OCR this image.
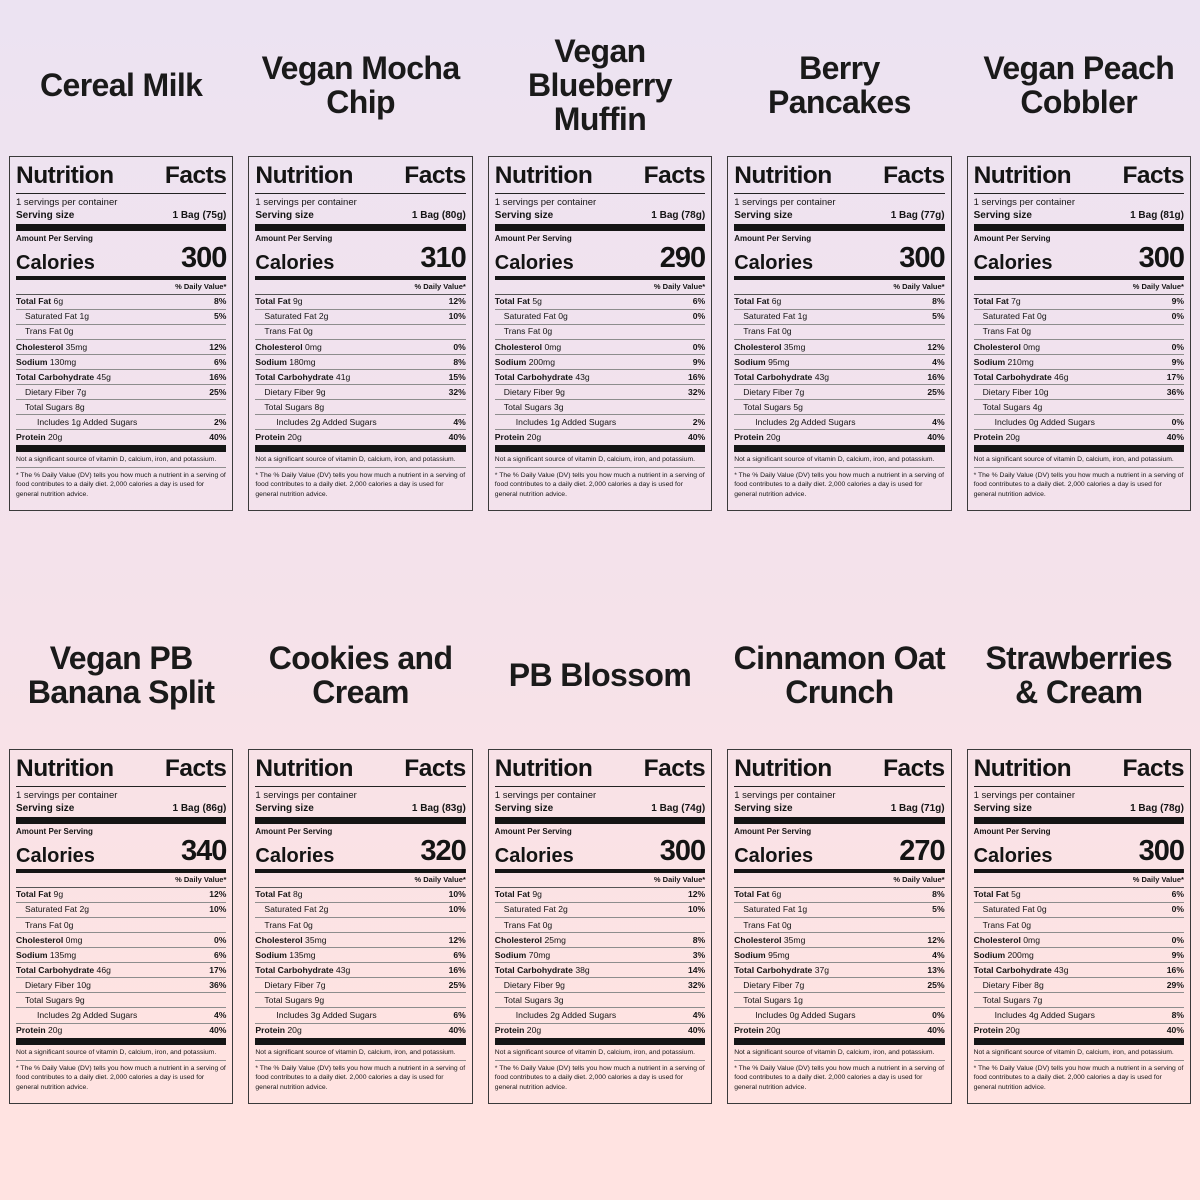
Cereal Milk
Nutrition Facts
1 servings per container
Serving size	1 Bag (75g)
Amount Per Serving
Calories	300
% Daily Value*
Total Fat 6g	8%
Saturated Fat 1g	5%
Trans Fat 0g
Cholesterol 35mg	12%
Sodium 130mg	6%
Total Carbohydrate 45g	16%
Dietary Fiber 7g	25%
Total Sugars 8g
Includes 1g Added Sugars	2%
Protein 20g	40%
Not a significant source of vitamin D, calcium, iron, and potassium.
* The % Daily Value (DV) tells you how much a nutrient in a serving of food contributes to a daily diet. 2,000 calories a day is used for general nutrition advice.
Vegan Mocha Chip
Nutrition Facts
1 servings per container
Serving size	1 Bag (80g)
Amount Per Serving
Calories	310
% Daily Value*
Total Fat 9g	12%
Saturated Fat 2g	10%
Trans Fat 0g
Cholesterol 0mg	0%
Sodium 180mg	8%
Total Carbohydrate 41g	15%
Dietary Fiber 9g	32%
Total Sugars 8g
Includes 2g Added Sugars	4%
Protein 20g	40%
Not a significant source of vitamin D, calcium, iron, and potassium.
* The % Daily Value (DV) tells you how much a nutrient in a serving of food contributes to a daily diet. 2,000 calories a day is used for general nutrition advice.
Vegan Blueberry Muffin
Nutrition Facts
1 servings per container
Serving size	1 Bag (78g)
Amount Per Serving
Calories	290
% Daily Value*
Total Fat 5g	6%
Saturated Fat 0g	0%
Trans Fat 0g
Cholesterol 0mg	0%
Sodium 200mg	9%
Total Carbohydrate 43g	16%
Dietary Fiber 9g	32%
Total Sugars 3g
Includes 1g Added Sugars	2%
Protein 20g	40%
Not a significant source of vitamin D, calcium, iron, and potassium.
* The % Daily Value (DV) tells you how much a nutrient in a serving of food contributes to a daily diet. 2,000 calories a day is used for general nutrition advice.
Berry Pancakes
Nutrition Facts
1 servings per container
Serving size	1 Bag (77g)
Amount Per Serving
Calories	300
% Daily Value*
Total Fat 6g	8%
Saturated Fat 1g	5%
Trans Fat 0g
Cholesterol 35mg	12%
Sodium 95mg	4%
Total Carbohydrate 43g	16%
Dietary Fiber 7g	25%
Total Sugars 5g
Includes 2g Added Sugars	4%
Protein 20g	40%
Not a significant source of vitamin D, calcium, iron, and potassium.
* The % Daily Value (DV) tells you how much a nutrient in a serving of food contributes to a daily diet. 2,000 calories a day is used for general nutrition advice.
Vegan Peach Cobbler
Nutrition Facts
1 servings per container
Serving size	1 Bag (81g)
Amount Per Serving
Calories	300
% Daily Value*
Total Fat 7g	9%
Saturated Fat 0g	0%
Trans Fat 0g
Cholesterol 0mg	0%
Sodium 210mg	9%
Total Carbohydrate 46g	17%
Dietary Fiber 10g	36%
Total Sugars 4g
Includes 0g Added Sugars	0%
Protein 20g	40%
Not a significant source of vitamin D, calcium, iron, and potassium.
* The % Daily Value (DV) tells you how much a nutrient in a serving of food contributes to a daily diet. 2,000 calories a day is used for general nutrition advice.
Vegan PB Banana Split
Nutrition Facts
1 servings per container
Serving size	1 Bag (86g)
Amount Per Serving
Calories	340
% Daily Value*
Total Fat 9g	12%
Saturated Fat 2g	10%
Trans Fat 0g
Cholesterol 0mg	0%
Sodium 135mg	6%
Total Carbohydrate 46g	17%
Dietary Fiber 10g	36%
Total Sugars 9g
Includes 2g Added Sugars	4%
Protein 20g	40%
Not a significant source of vitamin D, calcium, iron, and potassium.
* The % Daily Value (DV) tells you how much a nutrient in a serving of food contributes to a daily diet. 2,000 calories a day is used for general nutrition advice.
Cookies and Cream
Nutrition Facts
1 servings per container
Serving size	1 Bag (83g)
Amount Per Serving
Calories	320
% Daily Value*
Total Fat 8g	10%
Saturated Fat 2g	10%
Trans Fat 0g
Cholesterol 35mg	12%
Sodium 135mg	6%
Total Carbohydrate 43g	16%
Dietary Fiber 7g	25%
Total Sugars 9g
Includes 3g Added Sugars	6%
Protein 20g	40%
Not a significant source of vitamin D, calcium, iron, and potassium.
* The % Daily Value (DV) tells you how much a nutrient in a serving of food contributes to a daily diet. 2,000 calories a day is used for general nutrition advice.
PB Blossom
Nutrition Facts
1 servings per container
Serving size	1 Bag (74g)
Amount Per Serving
Calories	300
% Daily Value*
Total Fat 9g	12%
Saturated Fat 2g	10%
Trans Fat 0g
Cholesterol 25mg	8%
Sodium 70mg	3%
Total Carbohydrate 38g	14%
Dietary Fiber 9g	32%
Total Sugars 3g
Includes 2g Added Sugars	4%
Protein 20g	40%
Not a significant source of vitamin D, calcium, iron, and potassium.
* The % Daily Value (DV) tells you how much a nutrient in a serving of food contributes to a daily diet. 2,000 calories a day is used for general nutrition advice.
Cinnamon Oat Crunch
Nutrition Facts
1 servings per container
Serving size	1 Bag (71g)
Amount Per Serving
Calories	270
% Daily Value*
Total Fat 6g	8%
Saturated Fat 1g	5%
Trans Fat 0g
Cholesterol 35mg	12%
Sodium 95mg	4%
Total Carbohydrate 37g	13%
Dietary Fiber 7g	25%
Total Sugars 1g
Includes 0g Added Sugars	0%
Protein 20g	40%
Not a significant source of vitamin D, calcium, iron, and potassium.
* The % Daily Value (DV) tells you how much a nutrient in a serving of food contributes to a daily diet. 2,000 calories a day is used for general nutrition advice.
Strawberries & Cream
Nutrition Facts
1 servings per container
Serving size	1 Bag (78g)
Amount Per Serving
Calories	300
% Daily Value*
Total Fat 5g	6%
Saturated Fat 0g	0%
Trans Fat 0g
Cholesterol 0mg	0%
Sodium 200mg	9%
Total Carbohydrate 43g	16%
Dietary Fiber 8g	29%
Total Sugars 7g
Includes 4g Added Sugars	8%
Protein 20g	40%
Not a significant source of vitamin D, calcium, iron, and potassium.
* The % Daily Value (DV) tells you how much a nutrient in a serving of food contributes to a daily diet. 2,000 calories a day is used for general nutrition advice.
